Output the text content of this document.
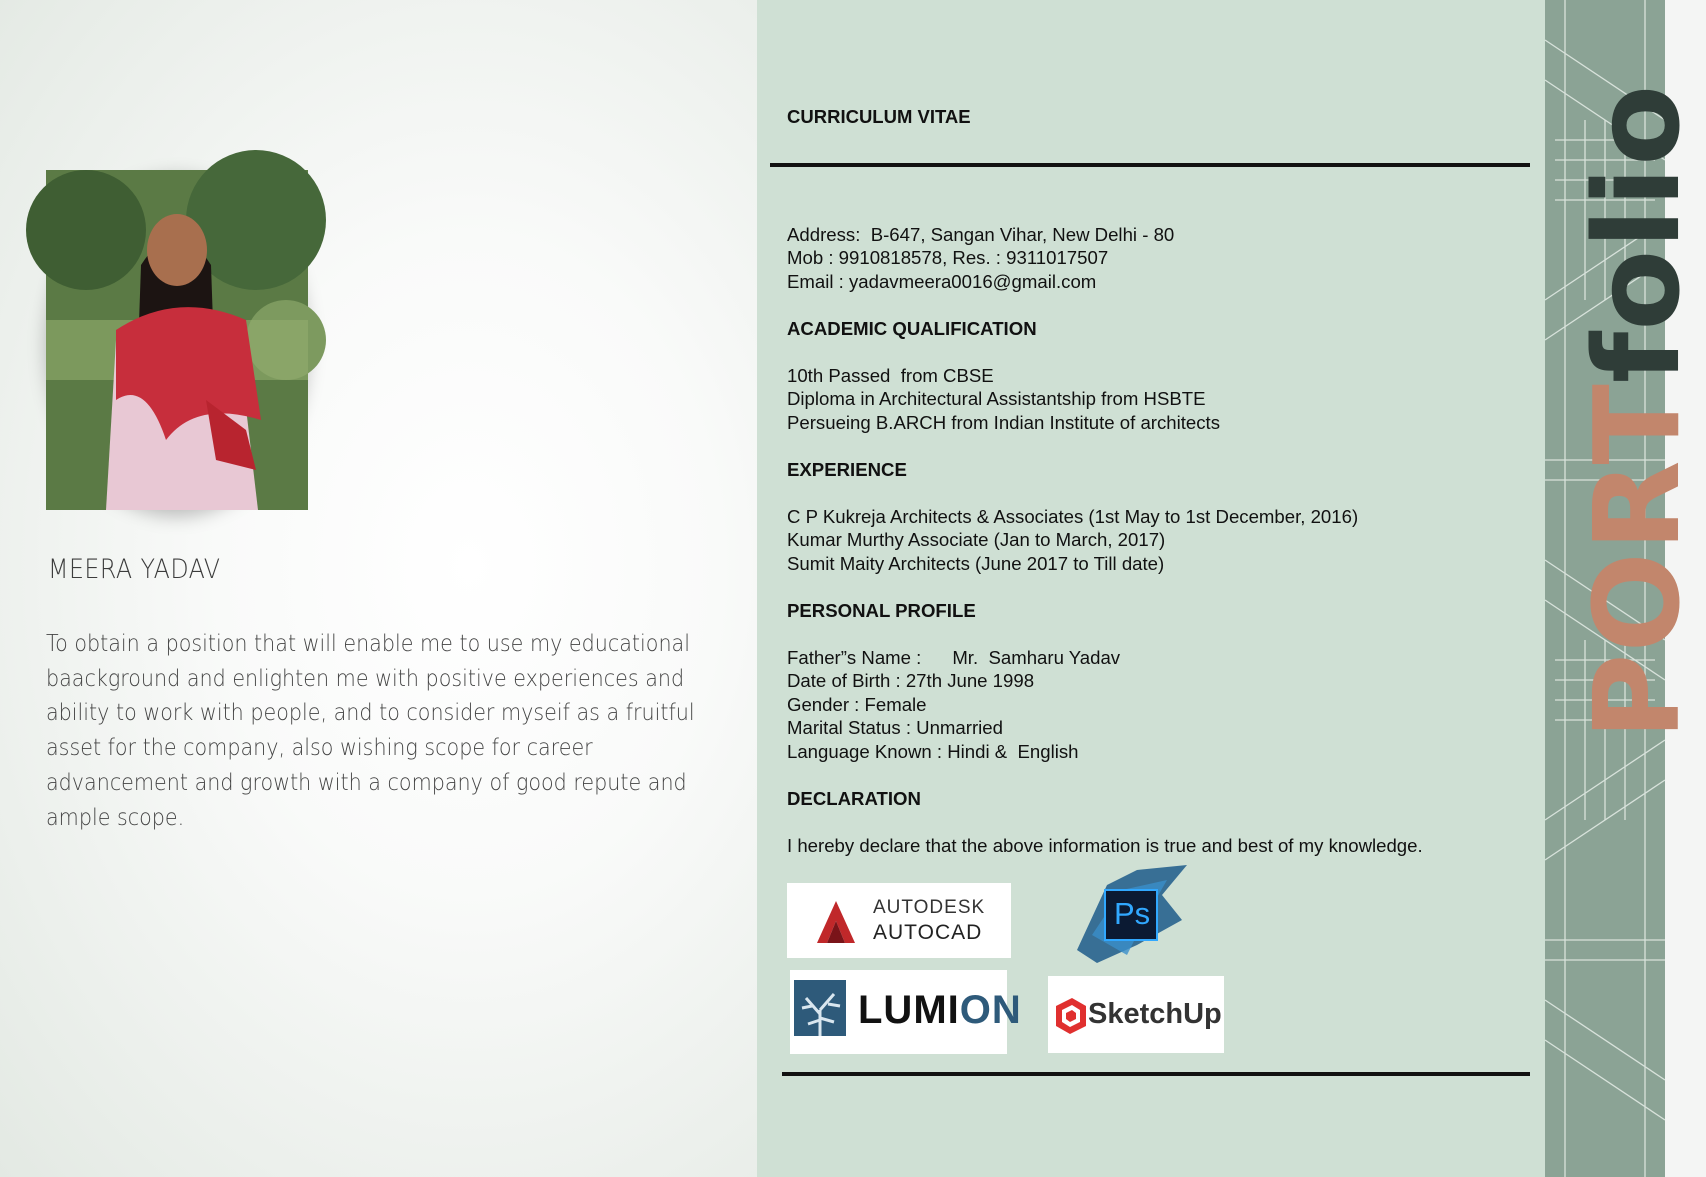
MEERA YADAV
To obtain a position that will enable me to use my educational baackground and enlighten me with positive experiences and ability to work with people, and to consider myseif as a fruitful asset for the company, also wishing scope for career advancement and growth with a company of good repute and ample scope.
CURRICULUM VITAE
Address:  B-647, Sangan Vihar, New Delhi - 80
Mob : 9910818578, Res. : 9311017507
Email : yadavmeera0016@gmail.com
ACADEMIC QUALIFICATION
10th Passed  from CBSE
Diploma in Architectural Assistantship from HSBTE
Persueing B.ARCH from Indian Institute of architects
EXPERIENCE
C P Kukreja Architects & Associates (1st May to 1st December, 2016)
Kumar Murthy Associate (Jan to March, 2017)
Sumit Maity Architects (June 2017 to Till date)
PERSONAL PROFILE
Father”s Name :      Mr.  Samharu Yadav
Date of Birth : 27th June 1998
Gender : Female
Marital Status : Unmarried
Language Known : Hindi &  English
DECLARATION
I hereby declare that the above information is true and best of my knowledge.
AUTODESK
AUTOCAD
Ps
LUMION SketchUp
PORTfolio
